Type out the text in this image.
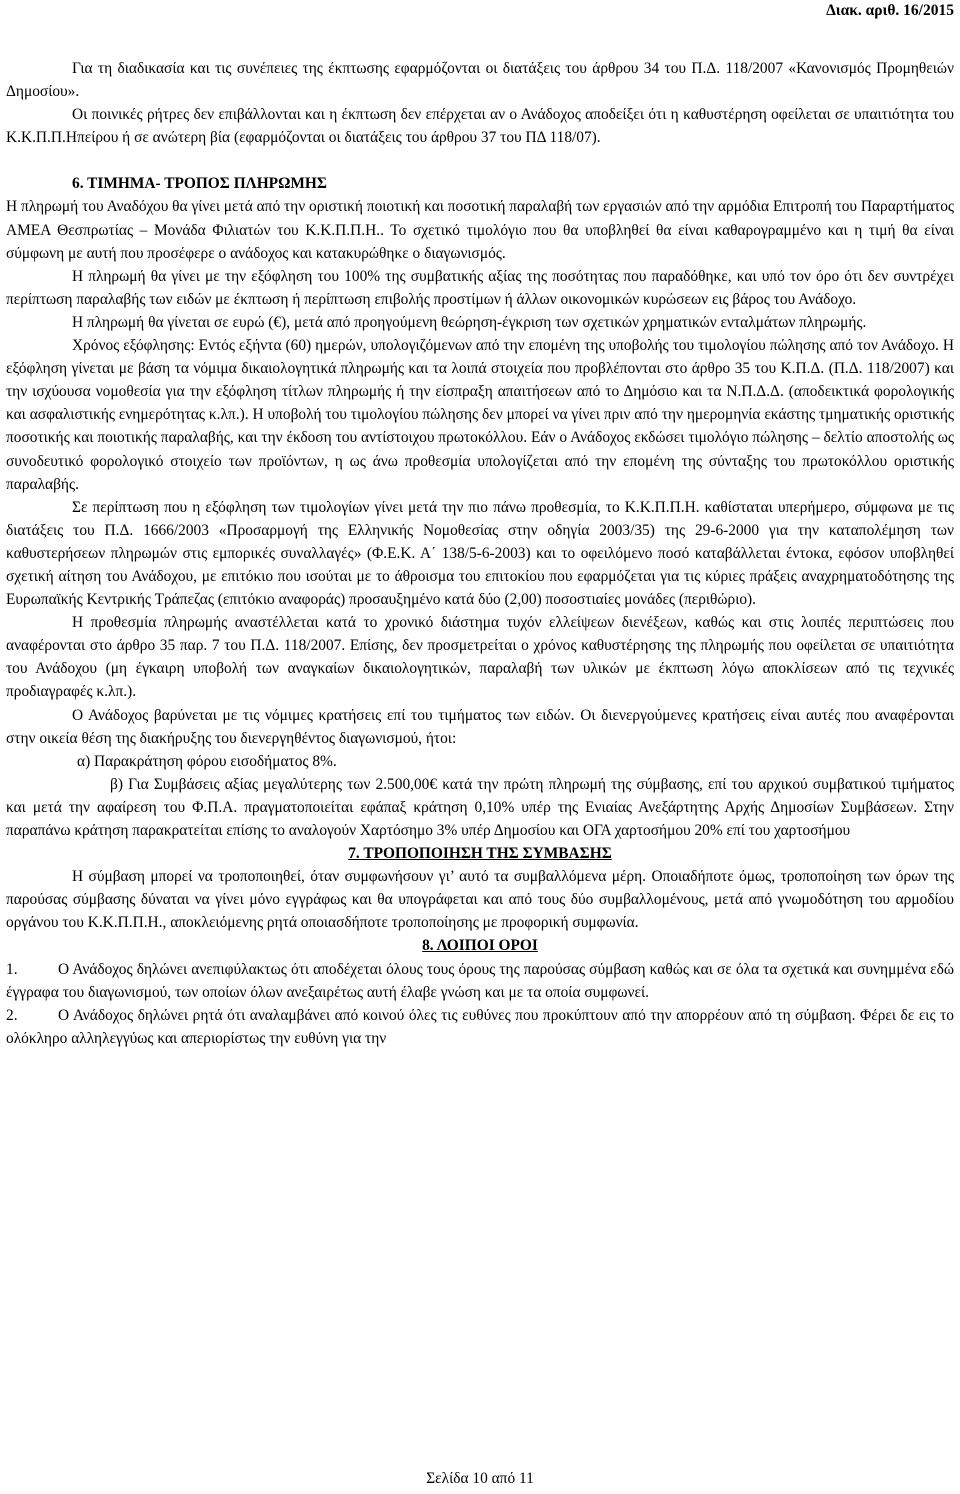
Διακ. αριθ. 16/2015

Για τη διαδικασία και τις συνέπειες της έκπτωσης εφαρμόζονται οι διατάξεις του άρθρου 34 του Π.Δ. 118/2007 «Κανονισμός Προμηθειών Δημοσίου».

Οι ποινικές ρήτρες δεν επιβάλλονται και η έκπτωση δεν επέρχεται αν ο Ανάδοχος αποδείξει ότι η καθυστέρηση οφείλεται σε υπαιτιότητα του Κ.Κ.Π.Π.Ηπείρου ή σε ανώτερη βία (εφαρμόζονται οι διατάξεις του άρθρου 37 του ΠΔ 118/07).

6. ΤΙΜΗΜΑ- ΤΡΟΠΟΣ ΠΛΗΡΩΜΗΣ

Η πληρωμή του Αναδόχου θα γίνει μετά από την οριστική ποιοτική και ποσοτική παραλαβή των εργασιών από την αρμόδια Επιτροπή του Παραρτήματος ΑΜΕΑ Θεσπρωτίας – Μονάδα Φιλιατών του Κ.Κ.Π.Π.Η.. Το σχετικό τιμολόγιο που θα υποβληθεί θα είναι καθαρογραμμένο και η τιμή θα είναι σύμφωνη με αυτή που προσέφερε ο ανάδοχος και κατακυρώθηκε ο διαγωνισμός.

Η πληρωμή θα γίνει με την εξόφληση του 100% της συμβατικής αξίας της ποσότητας που παραδόθηκε, και υπό τον όρο ότι δεν συντρέχει περίπτωση παραλαβής των ειδών με έκπτωση ή περίπτωση επιβολής προστίμων ή άλλων οικονομικών κυρώσεων εις βάρος του Ανάδοχο.

Η πληρωμή θα γίνεται σε ευρώ (€), μετά από προηγούμενη θεώρηση-έγκριση των σχετικών χρηματικών ενταλμάτων πληρωμής.

Χρόνος εξόφλησης: Εντός εξήντα (60) ημερών, υπολογιζόμενων από την επομένη της υποβολής του τιμολογίου πώλησης από τον Ανάδοχο. Η εξόφληση γίνεται με βάση τα νόμιμα δικαιολογητικά πληρωμής και τα λοιπά στοιχεία που προβλέπονται στο άρθρο 35 του Κ.Π.Δ. (Π.Δ. 118/2007) και την ισχύουσα νομοθεσία για την εξόφληση τίτλων πληρωμής ή την είσπραξη απαιτήσεων από το Δημόσιο και τα Ν.Π.Δ.Δ. (αποδεικτικά φορολογικής και ασφαλιστικής ενημερότητας κ.λπ.). Η υποβολή του τιμολογίου πώλησης δεν μπορεί να γίνει πριν από την ημερομηνία εκάστης τμηματικής οριστικής ποσοτικής και ποιοτικής παραλαβής, και την έκδοση του αντίστοιχου πρωτοκόλλου. Εάν ο Ανάδοχος εκδώσει τιμολόγιο πώλησης – δελτίο αποστολής ως συνοδευτικό φορολογικό στοιχείο των προϊόντων, η ως άνω προθεσμία υπολογίζεται από την επομένη της σύνταξης του πρωτοκόλλου οριστικής παραλαβής.

Σε περίπτωση που η εξόφληση των τιμολογίων γίνει μετά την πιο πάνω προθεσμία, το Κ.Κ.Π.Π.Η. καθίσταται υπερήμερο, σύμφωνα με τις διατάξεις του Π.Δ. 1666/2003 «Προσαρμογή της Ελληνικής Νομοθεσίας στην οδηγία 2003/35) της 29-6-2000 για την καταπολέμηση των καθυστερήσεων πληρωμών στις εμπορικές συναλλαγές» (Φ.Ε.Κ. Α΄ 138/5-6-2003) και το οφειλόμενο ποσό καταβάλλεται έντοκα, εφόσον υποβληθεί σχετική αίτηση του Ανάδοχου, με επιτόκιο που ισούται με το άθροισμα του επιτοκίου που εφαρμόζεται για τις κύριες πράξεις αναχρηματοδότησης της Ευρωπαϊκής Κεντρικής Τράπεζας (επιτόκιο αναφοράς) προσαυξημένο κατά δύο (2,00) ποσοστιαίες μονάδες (περιθώριο).

Η προθεσμία πληρωμής αναστέλλεται κατά το χρονικό διάστημα τυχόν ελλείψεων διενέξεων, καθώς και στις λοιπές περιπτώσεις που αναφέρονται στο άρθρο 35 παρ. 7 του Π.Δ. 118/2007. Επίσης, δεν προσμετρείται ο χρόνος καθυστέρησης της πληρωμής που οφείλεται σε υπαιτιότητα του Ανάδοχου (μη έγκαιρη υποβολή των αναγκαίων δικαιολογητικών, παραλαβή των υλικών με έκπτωση λόγω αποκλίσεων από τις τεχνικές προδιαγραφές κ.λπ.).

Ο Ανάδοχος βαρύνεται με τις νόμιμες κρατήσεις επί του τιμήματος των ειδών. Οι διενεργούμενες κρατήσεις είναι αυτές που αναφέρονται στην οικεία θέση της διακήρυξης του διενεργηθέντος διαγωνισμού, ήτοι:

α) Παρακράτηση φόρου εισοδήματος 8%.

β) Για Συμβάσεις αξίας μεγαλύτερης των 2.500,00€ κατά την πρώτη πληρωμή της σύμβασης, επί του αρχικού συμβατικού τιμήματος και μετά την αφαίρεση του Φ.Π.Α. πραγματοποιείται εφάπαξ κράτηση 0,10% υπέρ της Ενιαίας Ανεξάρτητης Αρχής Δημοσίων Συμβάσεων. Στην παραπάνω κράτηση παρακρατείται επίσης το αναλογούν Χαρτόσημο 3% υπέρ Δημοσίου και ΟΓΑ χαρτοσήμου 20% επί του χαρτοσήμου

7. ΤΡΟΠΟΠΟΙΗΣΗ ΤΗΣ ΣΥΜΒΑΣΗΣ

Η σύμβαση μπορεί να τροποποιηθεί, όταν συμφωνήσουν γι’ αυτό τα συμβαλλόμενα μέρη. Οποιαδήποτε όμως, τροποποίηση των όρων της παρούσας σύμβασης δύναται να γίνει μόνο εγγράφως και θα υπογράφεται και από τους δύο συμβαλλομένους, μετά από γνωμοδότηση του αρμοδίου οργάνου του Κ.Κ.Π.Π.Η., αποκλειόμενης ρητά οποιασδήποτε τροποποίησης με προφορική συμφωνία.

8. ΛΟΙΠΟΙ ΟΡΟΙ

1.	Ο Ανάδοχος δηλώνει ανεπιφύλακτως ότι αποδέχεται όλους τους όρους της παρούσας σύμβαση καθώς και σε όλα τα σχετικά και συνημμένα εδώ έγγραφα του διαγωνισμού, των οποίων όλων ανεξαιρέτως αυτή έλαβε γνώση και με τα οποία συμφωνεί.

2.	Ο Ανάδοχος δηλώνει ρητά ότι αναλαμβάνει από κοινού όλες τις ευθύνες που προκύπτουν από την απορρέουν από τη σύμβαση. Φέρει δε εις το ολόκληρο αλληλεγγύως και απεριορίστως την ευθύνη για την

Σελίδα 10 από 11
